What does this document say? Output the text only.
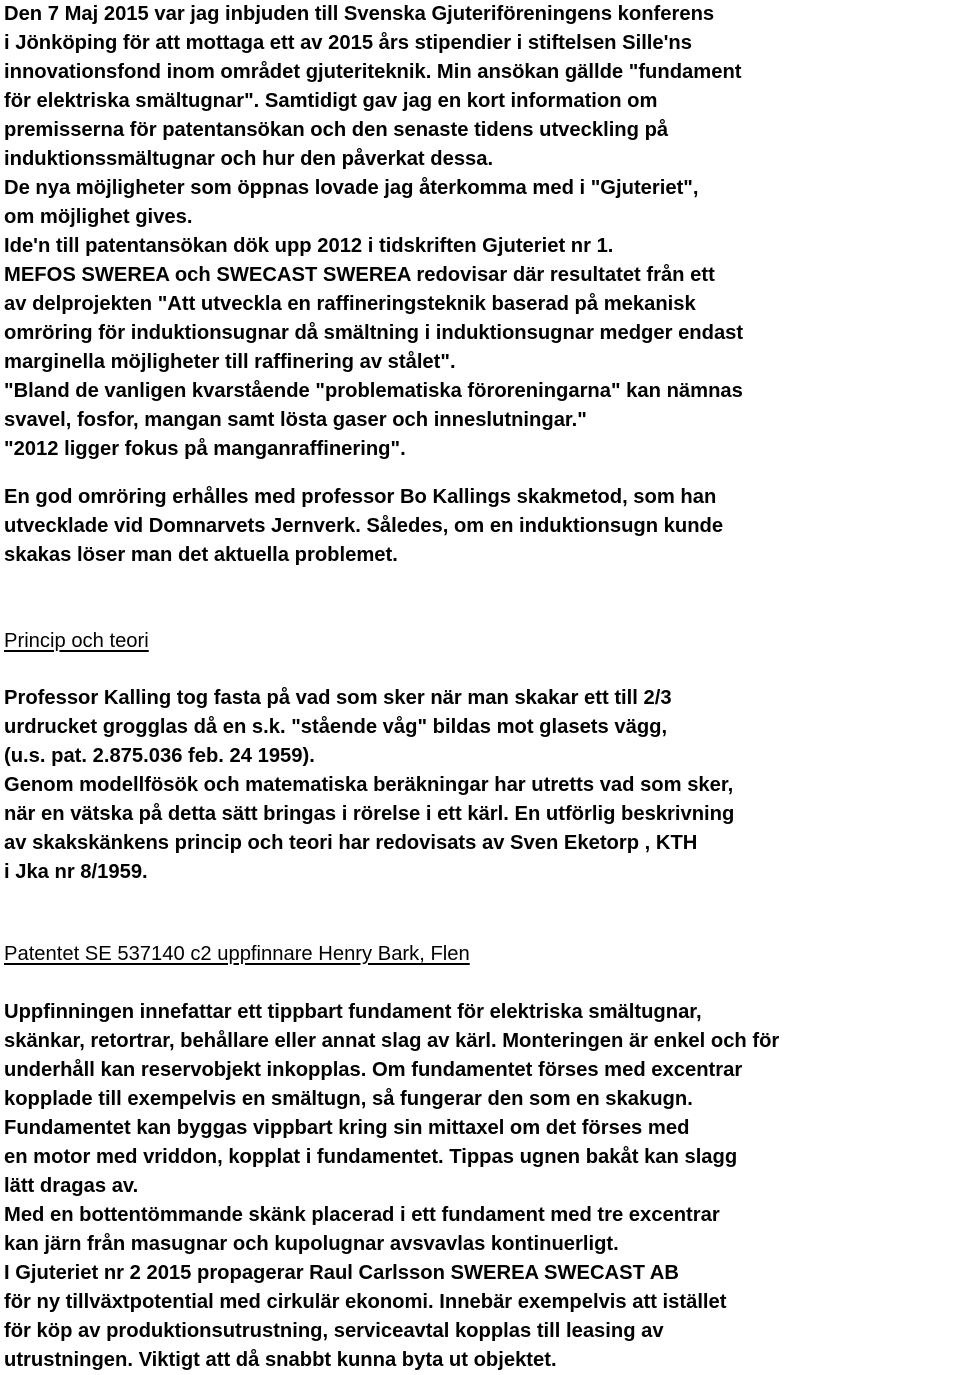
Den 7 Maj 2015 var jag inbjuden till Svenska Gjuteriföreningens konferens
i Jönköping för att mottaga ett av 2015 års stipendier i stiftelsen Sille'ns
innovationsfond inom området gjuteriteknik. Min ansökan gällde "fundament
för elektriska smältugnar". Samtidigt gav jag en kort information om
premisserna för patentansökan och den senaste tidens utveckling på
induktionssmältugnar och hur den påverkat dessa.
De nya möjligheter som öppnas lovade jag återkomma med i "Gjuteriet",
om möjlighet gives.
Ide'n till patentansökan dök upp 2012 i tidskriften Gjuteriet nr 1.
MEFOS SWEREA och SWECAST SWEREA redovisar där resultatet från ett
av delprojekten "Att utveckla en raffineringsteknik baserad på mekanisk
omröring för induktionsugnar då smältning i induktionsugnar medger endast
marginella möjligheter till raffinering av stålet".
"Bland de vanligen kvarstående "problematiska föroreningarna" kan nämnas
svavel, fosfor, mangan samt lösta gaser och inneslutningar."
"2012 ligger fokus på manganraffinering".
En god omröring erhålles med professor Bo Kallings skakmetod, som han
utvecklade vid Domnarvets Jernverk. Således, om en induktionsugn kunde
skakas löser man det aktuella problemet.
Princip och teori
Professor Kalling tog fasta på vad som sker när man skakar ett till 2/3
urdrucket grogglas då en s.k. "stående våg" bildas mot glasets vägg,
(u.s. pat. 2.875.036 feb. 24 1959).
Genom modellfösök och matematiska beräkningar har utretts vad som sker,
när en vätska på detta sätt bringas i rörelse i ett kärl. En utförlig beskrivning
av skakskänkens princip och teori har redovisats av Sven Eketorp , KTH
i Jka nr 8/1959.
Patentet SE 537140 c2 uppfinnare Henry Bark, Flen
Uppfinningen innefattar ett tippbart fundament för elektriska smältugnar,
skänkar, retortrar, behållare eller annat slag av kärl. Monteringen är enkel och för
underhåll kan reservobjekt inkopplas. Om fundamentet förses med excentrar
kopplade till exempelvis en smältugn, så fungerar den som en skakugn.
Fundamentet kan byggas vippbart kring sin mittaxel om det förses med
en motor med vriddon, kopplat i fundamentet. Tippas ugnen bakåt kan slagg
lätt dragas av.
Med en bottentömmande skänk placerad i ett fundament med tre excentrar
kan järn från masugnar och kupolugnar avsvavlas kontinuerligt.
I Gjuteriet nr 2 2015 propagerar Raul Carlsson SWEREA SWECAST AB
för ny tillväxtpotential med cirkulär ekonomi. Innebär exempelvis att istället
för köp av produktionsutrustning, serviceavtal kopplas till leasing av
utrustningen. Viktigt att då snabbt kunna byta ut objektet.
